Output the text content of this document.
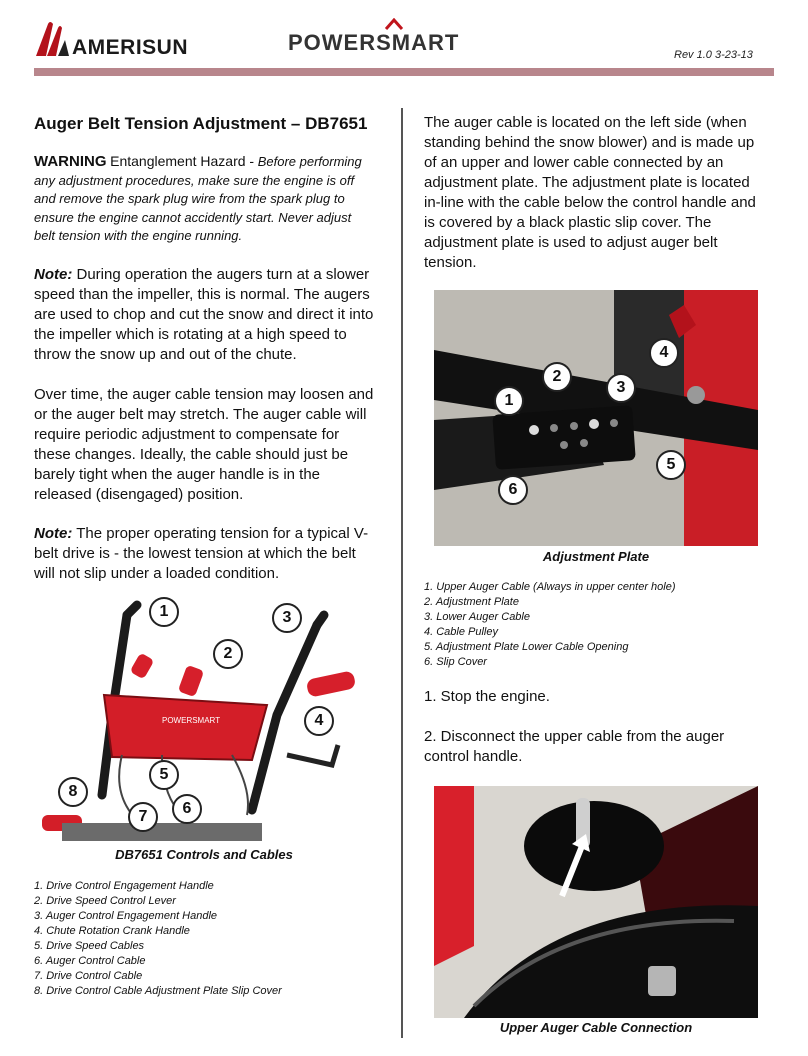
AMERISUN	POWERSMART	Rev 1.0 3-23-13
Auger Belt Tension Adjustment – DB7651
WARNING Entanglement Hazard - Before performing any adjustment procedures, make sure the engine is off and remove the spark plug wire from the spark plug to ensure the engine cannot accidently start. Never adjust belt tension with the engine running.
Note: During operation the augers turn at a slower speed than the impeller, this is normal. The augers are used to chop and cut the snow and direct it into the impeller which is rotating at a high speed to throw the snow up and out of the chute.
Over time, the auger cable tension may loosen and or the auger belt may stretch. The auger cable will require periodic adjustment to compensate for these changes. Ideally, the cable should just be barely tight when the auger handle is in the released (disengaged) position.
Note: The proper operating tension for a typical V-belt drive is - the lowest tension at which the belt will not slip under a loaded condition.
POWERSMART
1
2
3
4
5
6
7
8
DB7651 Controls and Cables
1. Drive Control Engagement Handle
2. Drive Speed Control Lever
3. Auger Control Engagement Handle
4. Chute Rotation Crank Handle
5. Drive Speed Cables
6. Auger Control Cable
7. Drive Control Cable
8. Drive Control Cable Adjustment Plate Slip Cover
The auger cable is located on the left side (when standing behind the snow blower) and is made up of an upper and lower cable connected by an adjustment plate. The adjustment plate is located in-line with the cable below the control handle and is covered by a black plastic slip cover. The adjustment plate is used to adjust auger belt tension.
1
2
3
4
5
6
Adjustment Plate
1. Upper Auger Cable (Always in upper center hole)
2. Adjustment Plate
3. Lower Auger Cable
4. Cable Pulley
5. Adjustment Plate Lower Cable Opening
6. Slip Cover
1. Stop the engine.
2. Disconnect the upper cable from the auger control handle.
Upper Auger Cable Connection
